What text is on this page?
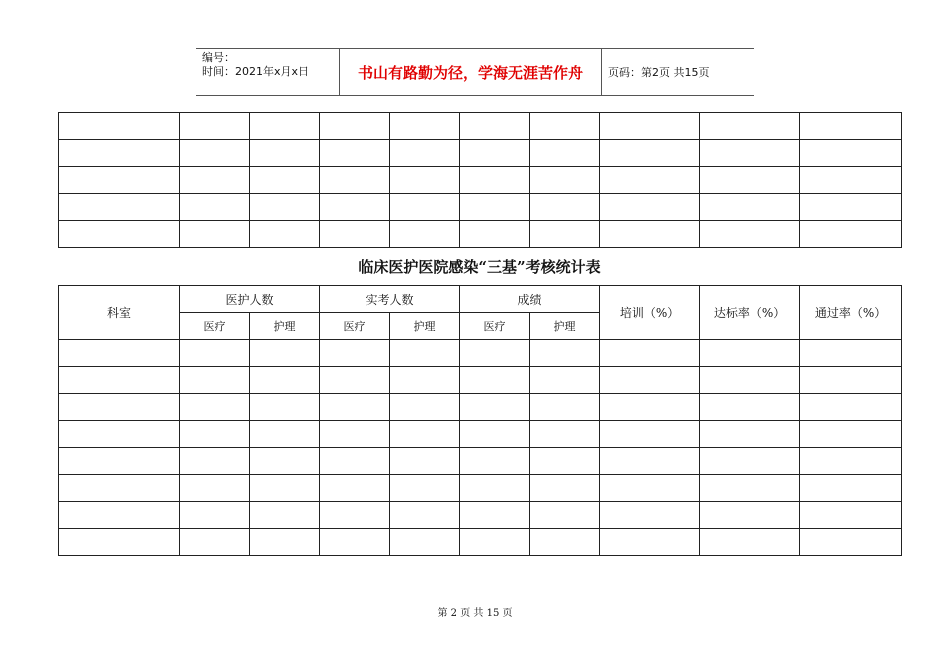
编号：
时间：2021年x月x日	书山有路勤为径，学海无涯苦作舟	页码：第2页 共15页

临床医护医院感染“三基”考核统计表
科室	医护人数		实考人数		成绩		培训（%）	达标率（%）	通过率（%）
	医疗	护理	医疗	护理	医疗	护理			

第 2 页 共 15 页
